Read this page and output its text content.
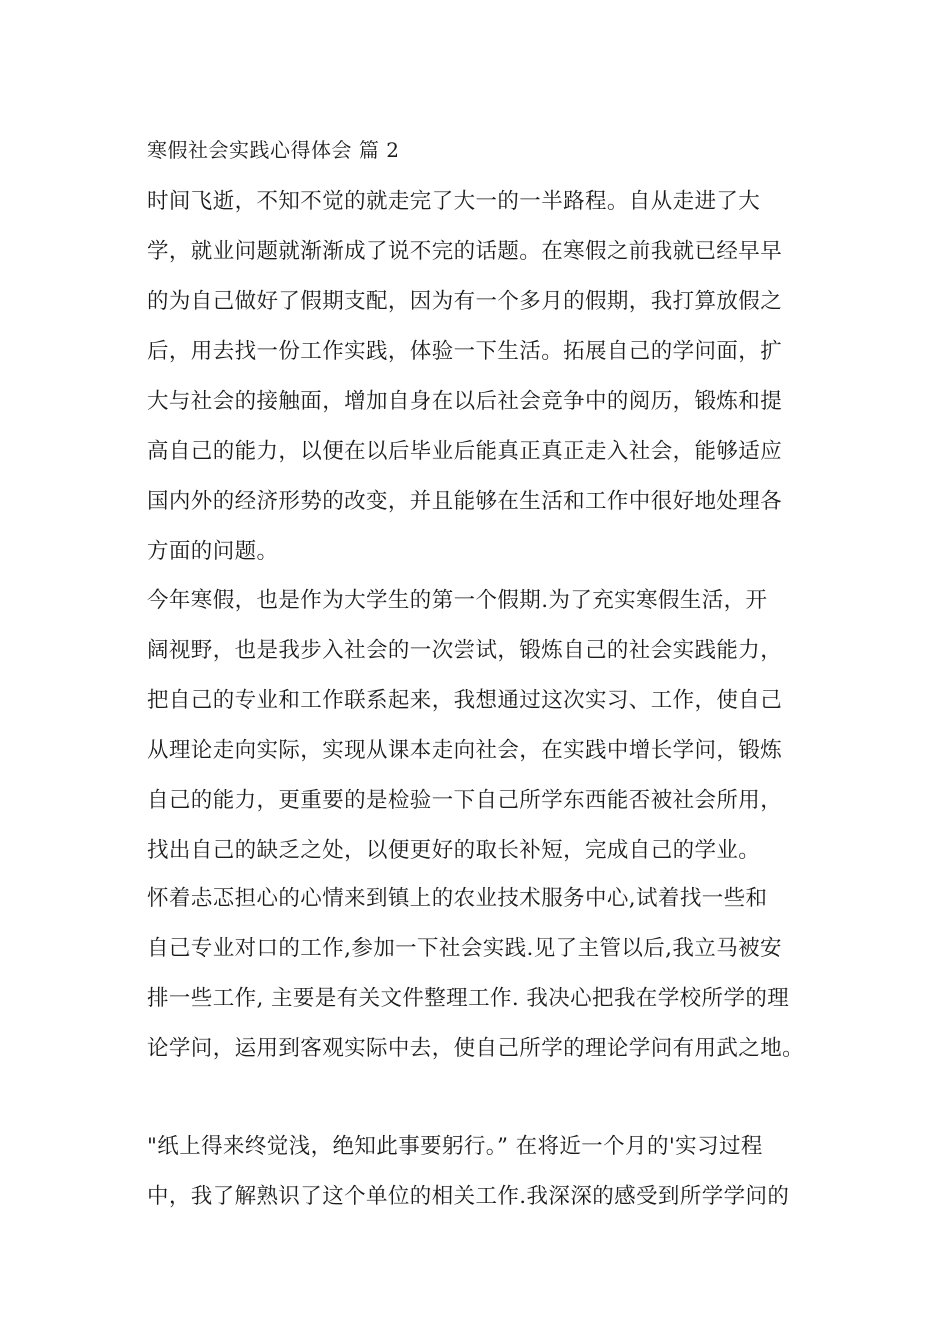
寒假社会实践心得体会 篇 2
时间飞逝，不知不觉的就走完了大一的一半路程。自从走进了大
学，就业问题就渐渐成了说不完的话题。在寒假之前我就已经早早
的为自己做好了假期支配，因为有一个多月的假期，我打算放假之
后，用去找一份工作实践，体验一下生活。拓展自己的学问面，扩
大与社会的接触面，增加自身在以后社会竞争中的阅历，锻炼和提
高自己的能力，以便在以后毕业后能真正真正走入社会，能够适应
国内外的经济形势的改变，并且能够在生活和工作中很好地处理各
方面的问题。
今年寒假，也是作为大学生的第一个假期.为了充实寒假生活，开
阔视野，也是我步入社会的一次尝试，锻炼自己的社会实践能力，
把自己的专业和工作联系起来，我想通过这次实习、工作，使自己
从理论走向实际，实现从课本走向社会，在实践中增长学问，锻炼
自己的能力，更重要的是检验一下自己所学东西能否被社会所用，
找出自己的缺乏之处，以便更好的取长补短，完成自己的学业。
怀着忐忑担心的心情来到镇上的农业技术服务中心,试着找一些和
自己专业对口的工作,参加一下社会实践.见了主管以后,我立马被安
排一些工作, 主要是有关文件整理工作. 我决心把我在学校所学的理
论学问，运用到客观实际中去，使自己所学的理论学问有用武之地。
"纸上得来终觉浅，绝知此事要躬行。” 在将近一个月的'实习过程
中，我了解熟识了这个单位的相关工作.我深深的感受到所学学问的
